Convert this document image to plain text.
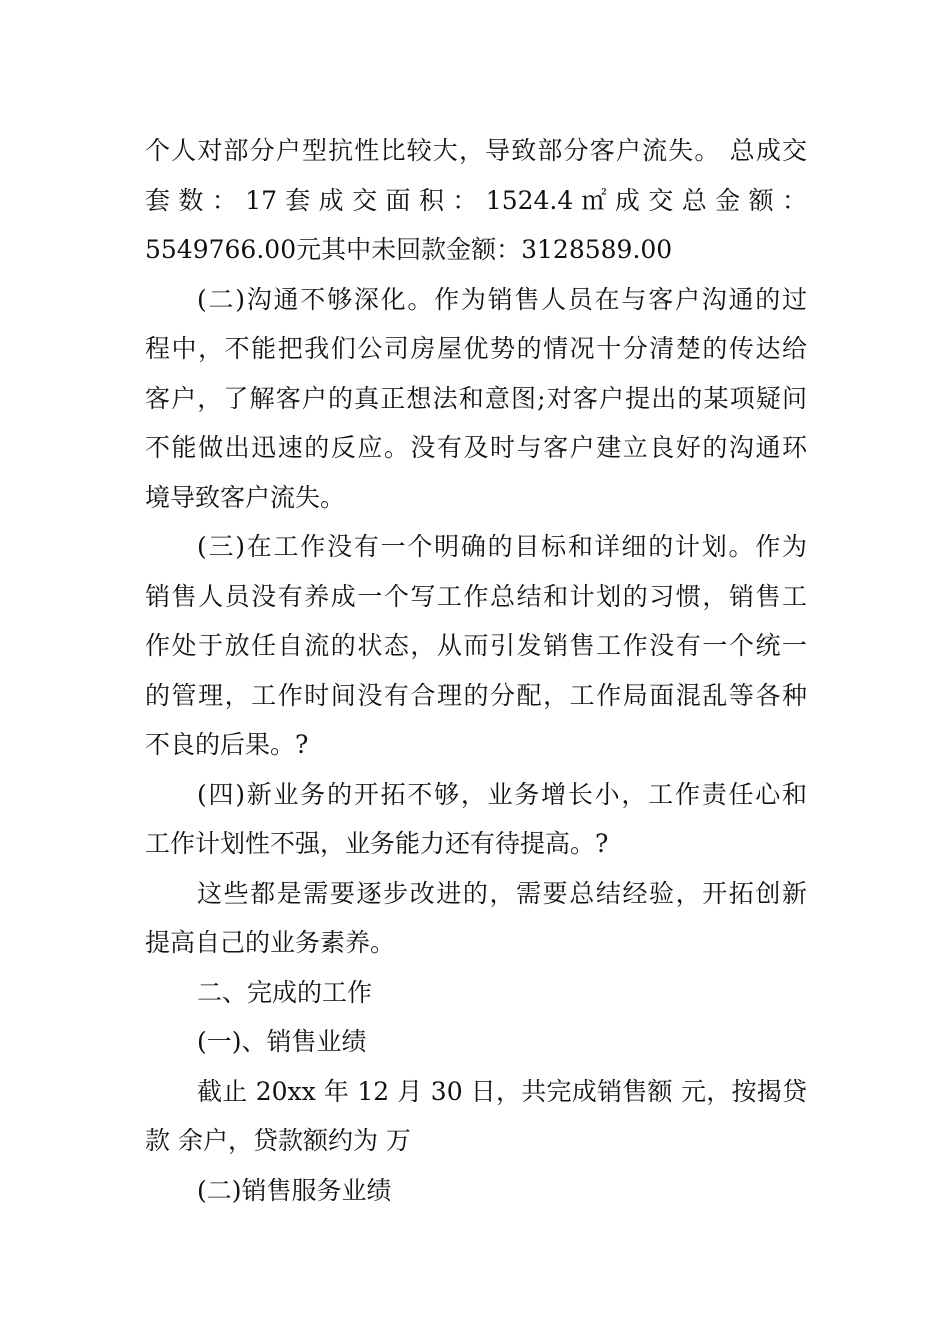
个人对部分户型抗性比较大，导致部分客户流失。 总成交
套 数 ： 17 套 成 交 面 积 ： 1524.4 ㎡ 成 交 总 金 额 ：
5549766.00元其中未回款金额：3128589.00
(二)沟通不够深化。作为销售人员在与客户沟通的过
程中，不能把我们公司房屋优势的情况十分清楚的传达给
客户，了解客户的真正想法和意图;对客户提出的某项疑问
不能做出迅速的反应。没有及时与客户建立良好的沟通环
境导致客户流失。
(三)在工作没有一个明确的目标和详细的计划。作为
销售人员没有养成一个写工作总结和计划的习惯，销售工
作处于放任自流的状态，从而引发销售工作没有一个统一
的管理，工作时间没有合理的分配，工作局面混乱等各种
不良的后果。?
(四)新业务的开拓不够，业务增长小，工作责任心和
工作计划性不强，业务能力还有待提高。?
这些都是需要逐步改进的，需要总结经验，开拓创新
提高自己的业务素养。
二、完成的工作
(一)、销售业绩
截止 20xx 年 12 月 30 日，共完成销售额 元，按揭贷
款 余户，贷款额约为 万
(二)销售服务业绩
